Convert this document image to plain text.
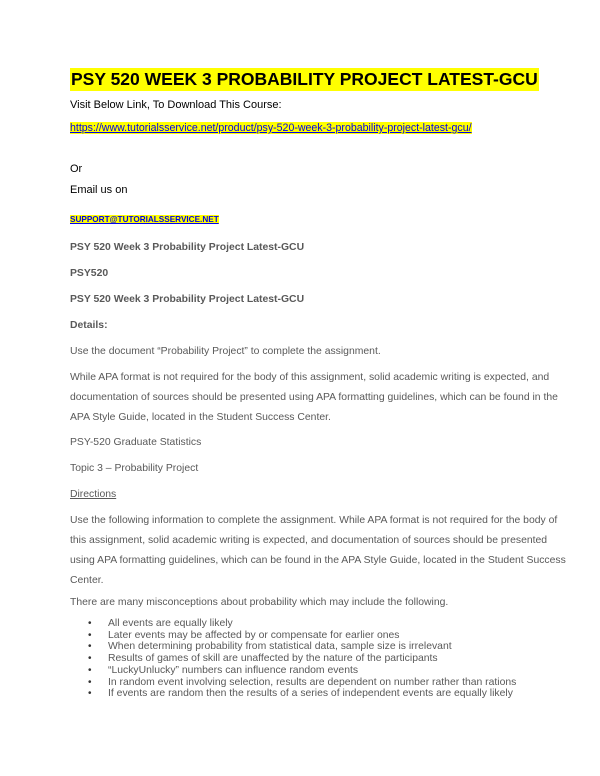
PSY 520 WEEK 3 PROBABILITY PROJECT LATEST-GCU
Visit Below Link, To Download This Course:
https://www.tutorialsservice.net/product/psy-520-week-3-probability-project-latest-gcu/
Or
Email us on
SUPPORT@TUTORIALSSERVICE.NET
PSY 520 Week 3 Probability Project Latest-GCU
PSY520
PSY 520 Week 3 Probability Project Latest-GCU
Details:
Use the document “Probability Project” to complete the assignment.
While APA format is not required for the body of this assignment, solid academic writing is expected, and documentation of sources should be presented using APA formatting guidelines, which can be found in the APA Style Guide, located in the Student Success Center.
PSY-520 Graduate Statistics
Topic 3 – Probability Project
Directions
Use the following information to complete the assignment. While APA format is not required for the body of this assignment, solid academic writing is expected, and documentation of sources should be presented using APA formatting guidelines, which can be found in the APA Style Guide, located in the Student Success Center.
There are many misconceptions about probability which may include the following.
• All events are equally likely
• Later events may be affected by or compensate for earlier ones
• When determining probability from statistical data, sample size is irrelevant
• Results of games of skill are unaffected by the nature of the participants
• “LuckyUnlucky” numbers can influence random events
• In random event involving selection, results are dependent on number rather than rations
• If events are random then the results of a series of independent events are equally likely
